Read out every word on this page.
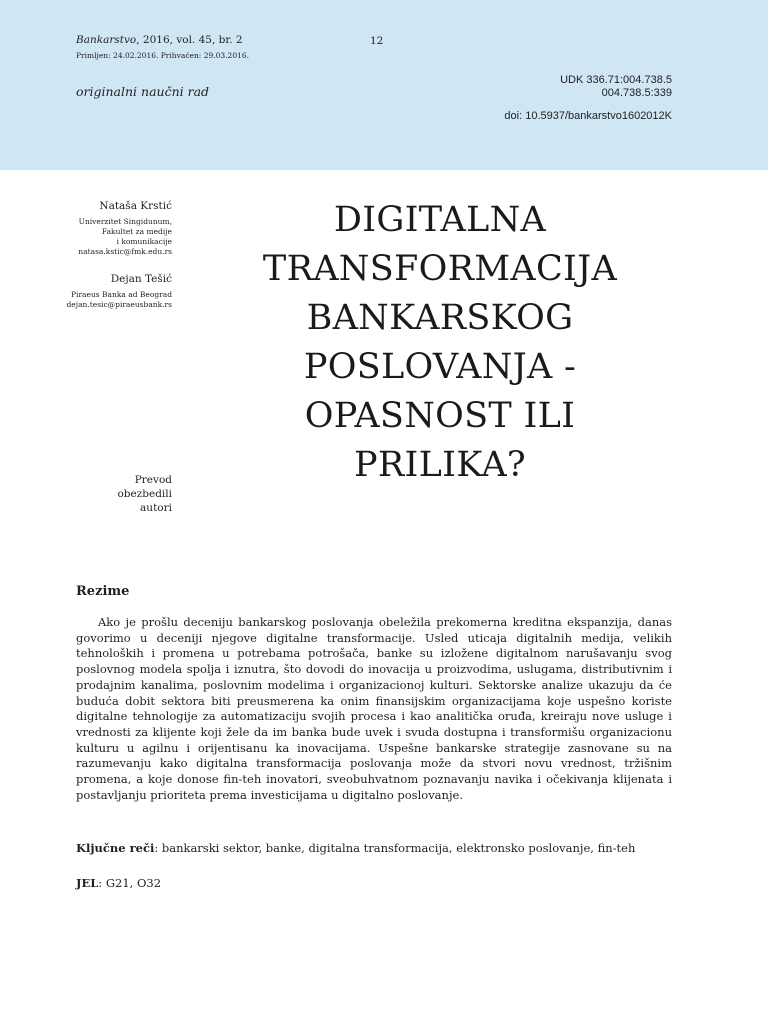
Bankarstvo, 2016, vol. 45, br. 2	12

Primljen: 24.02.2016. Prihvaćen: 29.03.2016.

originalni naučni rad

UDK 336.71:004.738.5
004.738.5:339

doi: 10.5937/bankarstvo1602012K

Nataša Krstić

Univerzitet Singidunum,
Fakultet za medije
i komunikacije
natasa.kstic@fmk.edu.rs

Dejan Tešić

Piraeus Banka ad Beograd
dejan.tesic@piraeusbank.rs
Prevod
obezbedili
autori
DIGITALNA
TRANSFORMACIJA
BANKARSKOG
POSLOVANJA -
OPASNOST ILI
PRILIKA?
Rezime

Ako je prošlu deceniju bankarskog poslovanja obeležila prekomerna kreditna ekspanzija, danas govorimo u deceniji njegove digitalne transformacije. Usled uticaja digitalnih medija, velikih tehnoloških i promena u potrebama potrošača, banke su izložene digitalnom narušavanju svog poslovnog modela spolja i iznutra, što dovodi do inovacija u proizvodima, uslugama, distributivnim i prodajnim kanalima, poslovnim modelima i organizacionoj kulturi. Sektorske analize ukazuju da će buduća dobit sektora biti preusmerena ka onim finansijskim organizacijama koje uspešno koriste digitalne tehnologije za automatizaciju svojih procesa i kao analitička oruđa, kreiraju nove usluge i vrednosti za klijente koji žele da im banka bude uvek i svuda dostupna i transformišu organizacionu kulturu u agilnu i orijentisanu ka inovacijama. Uspešne bankarske strategije zasnovane su na razumevanju kako digitalna transformacija poslovanja može da stvori novu vrednost, tržišnim promena, a koje donose fin-teh inovatori, sveobuhvatnom poznavanju navika i očekivanja klijenata i postavljanju prioriteta prema investicijama u digitalno poslovanje.

Ključne reči: bankarski sektor, banke, digitalna transformacija, elektronsko poslovanje, fin-teh

JEL: G21, O32
